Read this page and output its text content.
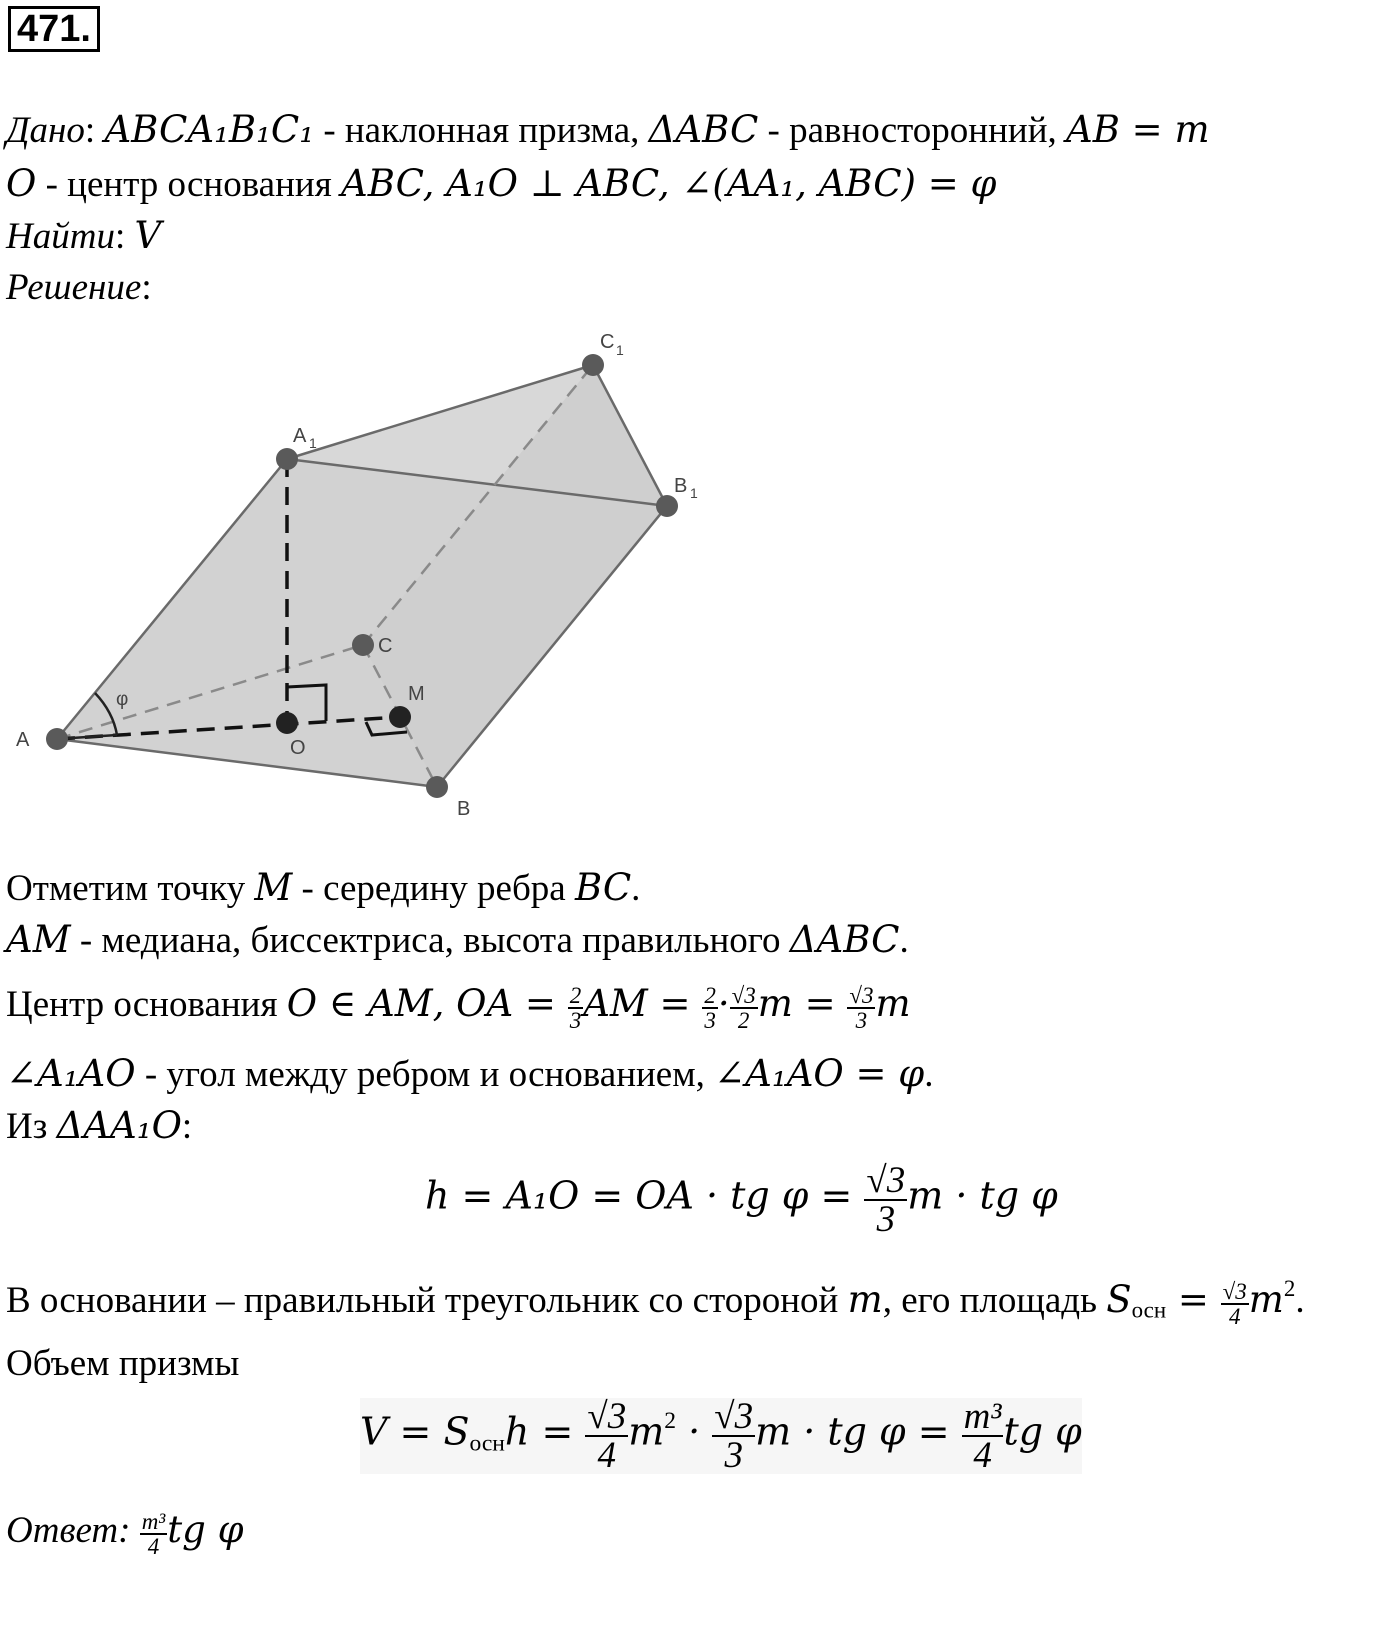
471.
Дано: ABCA₁B₁C₁ - наклонная призма, ΔABC - равносторонний, AB = m
O - центр основания ABC, A₁O ⊥ ABC, ∠(AA₁, ABC) = φ
Найти: V
Решение:
A
B
C
A 1
B 1
C 1
O
M
φ
Отметим точку M - середину ребра BC.
AM - медиана, биссектриса, высота правильного ΔABC.
Центр основания O ∈ AM, OA = $\frac{2}{3}$ AM = $\frac{2}{3} \cdot \frac{√3}{2}$ $m = \frac{√3}{3}$ m
∠A₁AO - угол между ребром и основанием, ∠A₁AO = φ.
Из ΔAA₁O:
h = A₁O = OA · tg $\varphi = \frac{√3}{3}$ m · tg φ
В основании – правильный треугольник со стороной m, его площадь $S_{осн} = \frac{√3}{4} m^2$.
Объем призмы
$V = S_{осн}h = \frac{√3}{4} m^2 \cdot \frac{√3}{3}$ m · tg $\varphi = \frac{\text{m³}}{4}$ tg φ
Ответ: $\frac{\text{m³}}{4}$ tg φ
